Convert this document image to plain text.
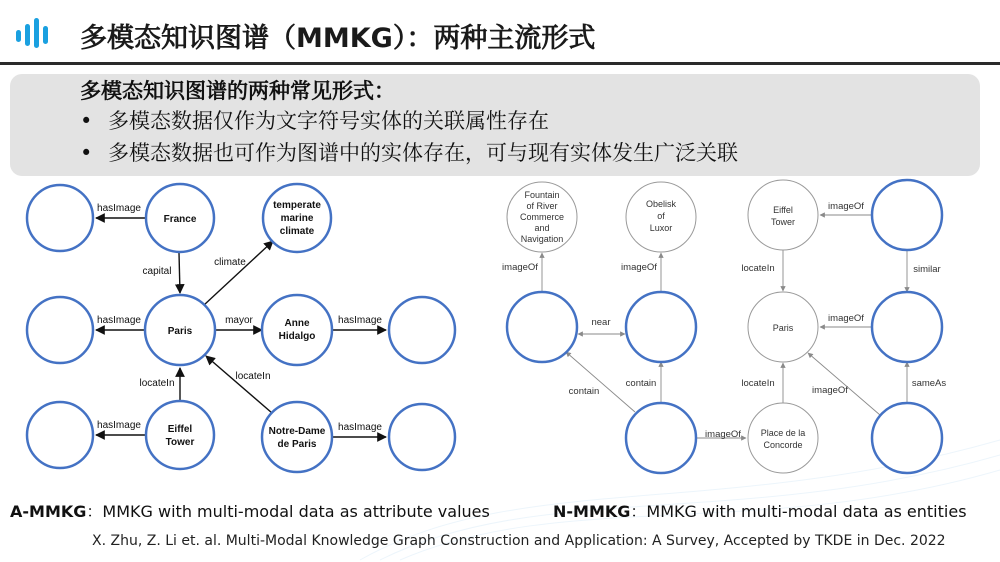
多模态知识图谱（MMKG）：两种主流形式
多模态知识图谱的两种常见形式：
• 多模态数据仅作为文字符号实体的关联属性存在
• 多模态数据也可作为图谱中的实体存在，可与现有实体发生广泛关联
hasImage
hasImage
hasImage
hasImage
hasImage
capital
climate
mayor
locateIn
locateIn
France
Paris
Eiffel
Tower
temperate
marine
climate
Anne
Hidalgo
Notre-Dame
de Paris
imageOf	imageOf
near
contain
contain
imageOf
locateIn
locateIn
imageOf
similar
imageOf
sameAs
imageOf
Fountain
of River
Commerce
and
Navigation
Obelisk
of
Luxor
Eiffel
Tower
Paris
Place de la
Concorde
A-MMKG：MMKG with multi-modal data as attribute values	N-MMKG：MMKG with multi-modal data as entities
X. Zhu, Z. Li et. al. Multi-Modal Knowledge Graph Construction and Application: A Survey, Accepted by TKDE in Dec. 2022
